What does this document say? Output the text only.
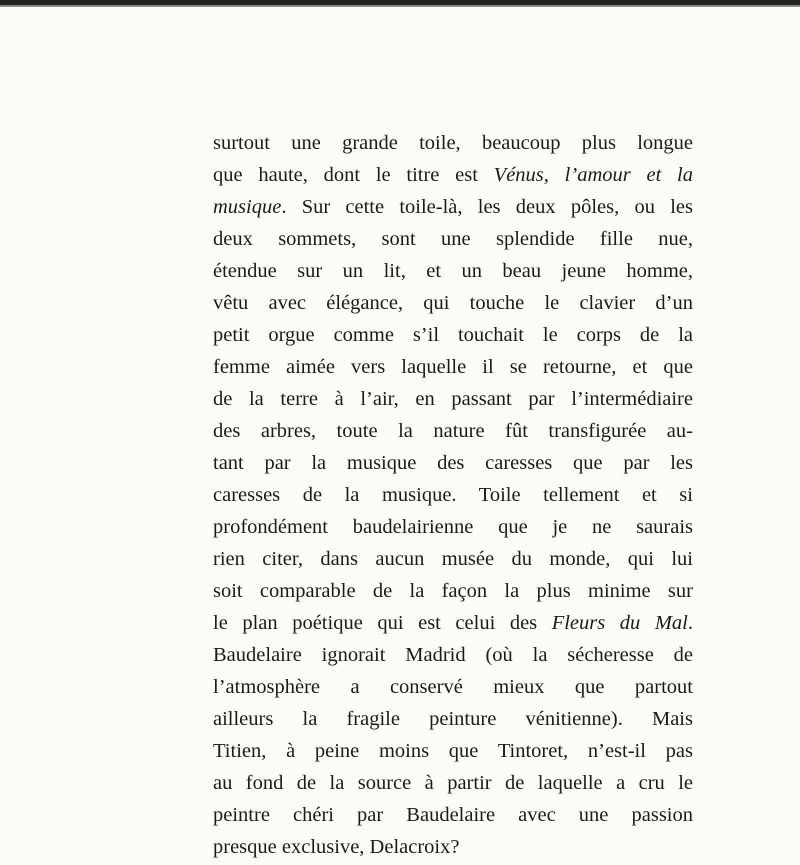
surtout une grande toile, beaucoup plus longue
que haute, dont le titre est Vénus, l’amour et la
musique. Sur cette toile-là, les deux pôles, ou les
deux sommets, sont une splendide fille nue,
étendue sur un lit, et un beau jeune homme,
vêtu avec élégance, qui touche le clavier d’un
petit orgue comme s’il touchait le corps de la
femme aimée vers laquelle il se retourne, et que
de la terre à l’air, en passant par l’intermédiaire
des arbres, toute la nature fût transfigurée au-
tant par la musique des caresses que par les
caresses de la musique. Toile tellement et si
profondément baudelairienne que je ne saurais
rien citer, dans aucun musée du monde, qui lui
soit comparable de la façon la plus minime sur
le plan poétique qui est celui des Fleurs du Mal.
Baudelaire ignorait Madrid (où la sécheresse de
l’atmosphère a conservé mieux que partout
ailleurs la fragile peinture vénitienne). Mais
Titien, à peine moins que Tintoret, n’est-il pas
au fond de la source à partir de laquelle a cru le
peintre chéri par Baudelaire avec une passion
presque exclusive, Delacroix?
